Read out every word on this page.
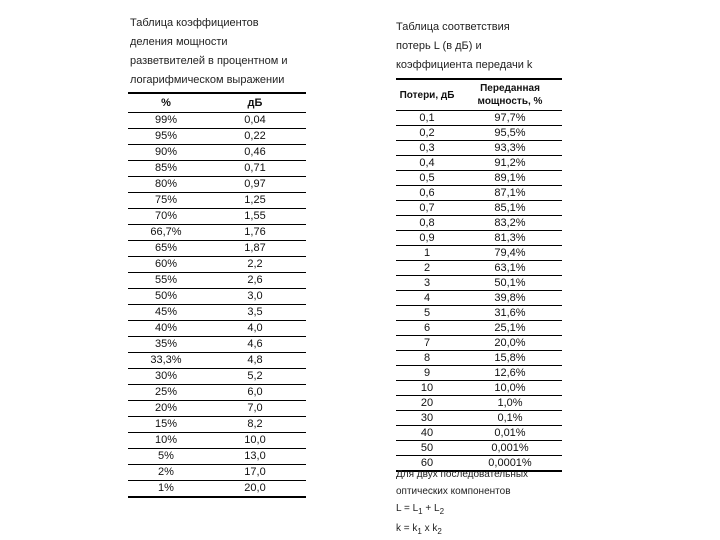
Таблица коэффициентов
деления мощности
разветвителей в процентном и
логарифмическом выражении
%	дБ
99%	0,04
95%	0,22
90%	0,46
85%	0,71
80%	0,97
75%	1,25
70%	1,55
66,7%	1,76
65%	1,87
60%	2,2
55%	2,6
50%	3,0
45%	3,5
40%	4,0
35%	4,6
33,3%	4,8
30%	5,2
25%	6,0
20%	7,0
15%	8,2
10%	10,0
5%	13,0
2%	17,0
1%	20,0
Таблица соответствия
потерь L (в дБ) и
коэффициента передачи k
Потери, дБ	Переданная мощность, %
0,1	97,7%
0,2	95,5%
0,3	93,3%
0,4	91,2%
0,5	89,1%
0,6	87,1%
0,7	85,1%
0,8	83,2%
0,9	81,3%
1	79,4%
2	63,1%
3	50,1%
4	39,8%
5	31,6%
6	25,1%
7	20,0%
8	15,8%
9	12,6%
10	10,0%
20	1,0%
30	0,1%
40	0,01%
50	0,001%
60	0,0001%
Для двух последовательных
оптических компонентов
$L = L_1 + L_2$
$k = k_1$ x $k_2$
